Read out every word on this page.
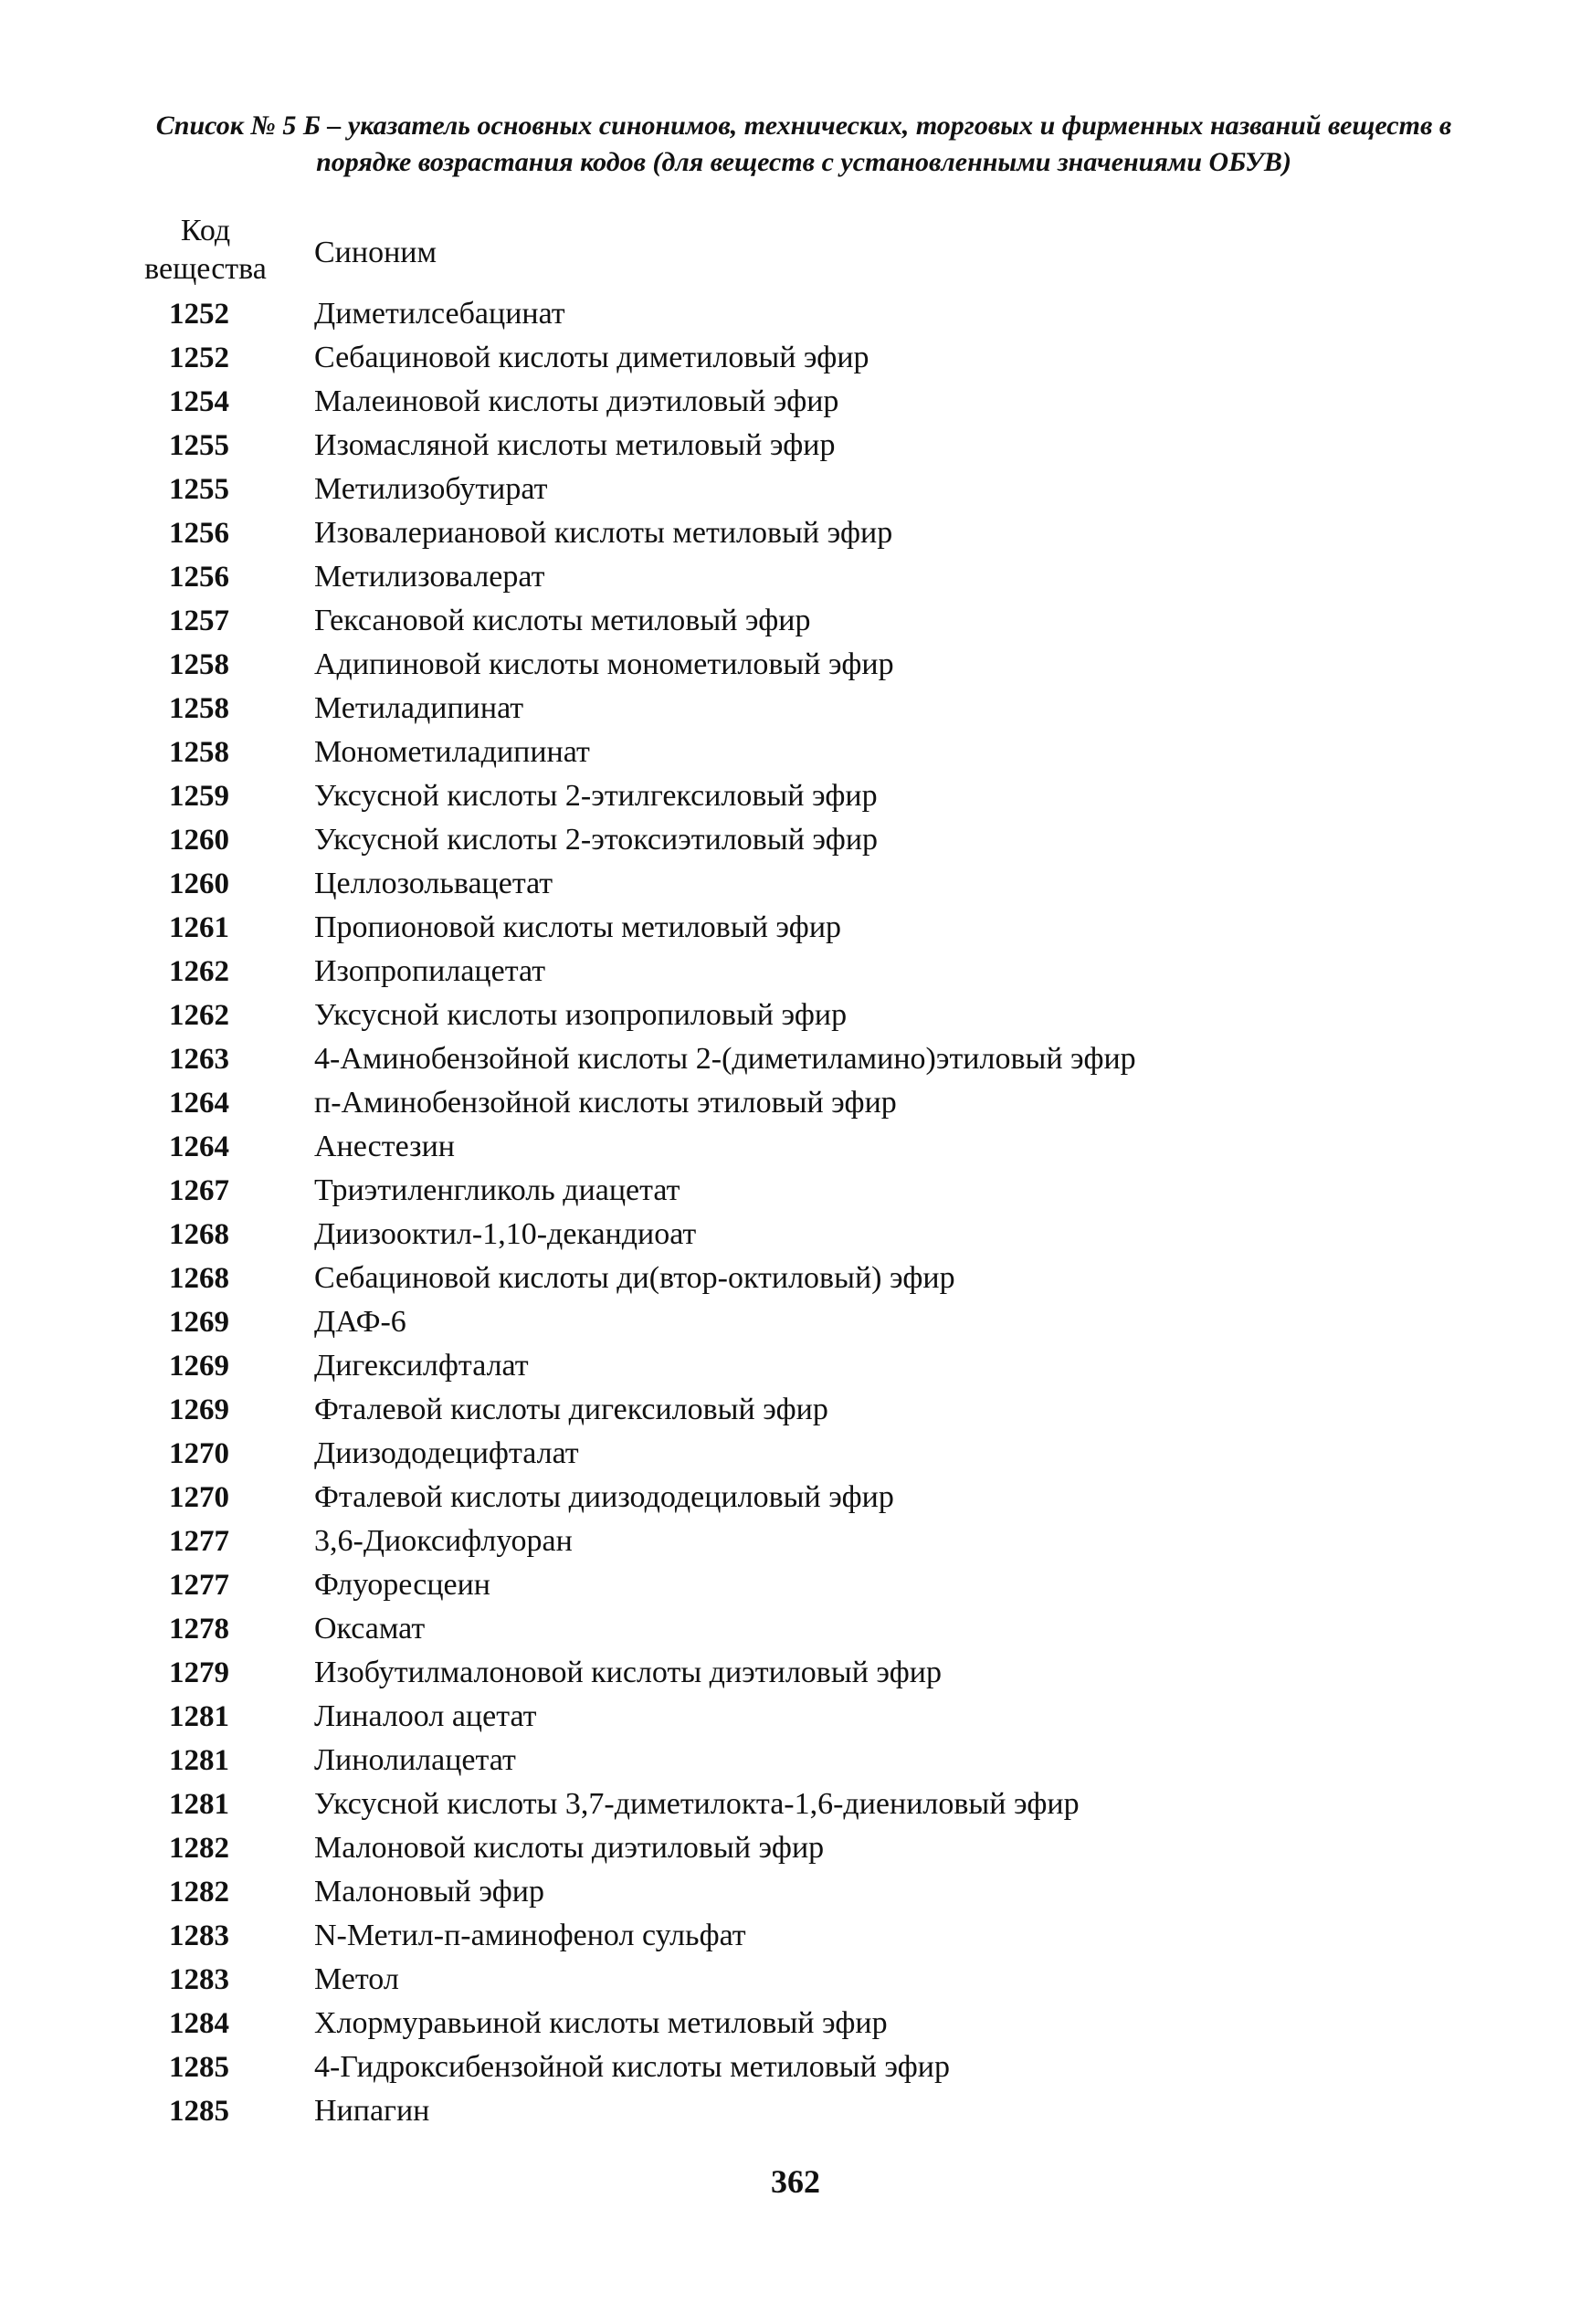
Список № 5 Б – указатель основных синонимов, технических, торговых и фирменных названий веществ в
порядке возрастания кодов (для веществ с установленными значениями ОБУВ)
Код
вещества	Синоним
1252	Диметилсебацинат
1252	Себациновой кислоты диметиловый эфир
1254	Малеиновой кислоты диэтиловый эфир
1255	Изомасляной кислоты метиловый эфир
1255	Метилизобутират
1256	Изовалериановой кислоты метиловый эфир
1256	Метилизовалерат
1257	Гексановой кислоты метиловый эфир
1258	Адипиновой кислоты монометиловый эфир
1258	Метиладипинат
1258	Монометиладипинат
1259	Уксусной кислоты 2-этилгексиловый эфир
1260	Уксусной кислоты 2-этоксиэтиловый эфир
1260	Целлозольвацетат
1261	Пропионовой кислоты метиловый эфир
1262	Изопропилацетат
1262	Уксусной кислоты изопропиловый эфир
1263	4-Аминобензойной кислоты 2-(диметиламино)этиловый эфир
1264	п-Аминобензойной кислоты этиловый эфир
1264	Анестезин
1267	Триэтиленгликоль диацетат
1268	Диизооктил-1,10-декандиоат
1268	Себациновой кислоты ди(втор-октиловый) эфир
1269	ДАФ-6
1269	Дигексилфталат
1269	Фталевой кислоты дигексиловый эфир
1270	Диизододецифталат
1270	Фталевой кислоты диизододециловый эфир
1277	3,6-Диоксифлуоран
1277	Флуоресцеин
1278	Оксамат
1279	Изобутилмалоновой кислоты диэтиловый эфир
1281	Линалоол ацетат
1281	Линолилацетат
1281	Уксусной кислоты 3,7-диметилокта-1,6-диениловый эфир
1282	Малоновой кислоты диэтиловый эфир
1282	Малоновый эфир
1283	N-Метил-п-аминофенол сульфат
1283	Метол
1284	Хлормуравьиной кислоты метиловый эфир
1285	4-Гидроксибензойной кислоты метиловый эфир
1285	Нипагин
362
